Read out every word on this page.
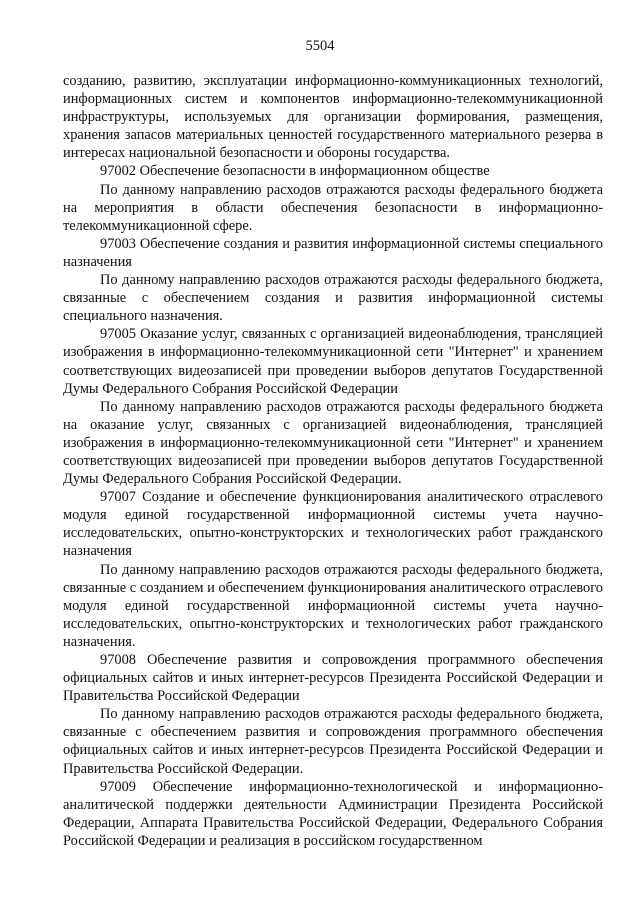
5504

созданию, развитию, эксплуатации информационно-коммуникационных технологий, информационных систем и компонентов информационно-телекоммуникационной инфраструктуры, используемых для организации формирования, размещения, хранения запасов материальных ценностей государственного материального резерва в интересах национальной безопасности и обороны государства.

97002 Обеспечение безопасности в информационном обществе

По данному направлению расходов отражаются расходы федерального бюджета на мероприятия в области обеспечения безопасности в информационно-телекоммуникационной сфере.

97003 Обеспечение создания и развития информационной системы специального назначения

По данному направлению расходов отражаются расходы федерального бюджета, связанные с обеспечением создания и развития информационной системы специального назначения.

97005 Оказание услуг, связанных с организацией видеонаблюдения, трансляцией изображения в информационно-телекоммуникационной сети "Интернет" и хранением соответствующих видеозаписей при проведении выборов депутатов Государственной Думы Федерального Собрания Российской Федерации

По данному направлению расходов отражаются расходы федерального бюджета на оказание услуг, связанных с организацией видеонаблюдения, трансляцией изображения в информационно-телекоммуникационной сети "Интернет" и хранением соответствующих видеозаписей при проведении выборов депутатов Государственной Думы Федерального Собрания Российской Федерации.

97007 Создание и обеспечение функционирования аналитического отраслевого модуля единой государственной информационной системы учета научно-исследовательских, опытно-конструкторских и технологических работ гражданского назначения

По данному направлению расходов отражаются расходы федерального бюджета, связанные с созданием и обеспечением функционирования аналитического отраслевого модуля единой государственной информационной системы учета научно-исследовательских, опытно-конструкторских и технологических работ гражданского назначения.

97008 Обеспечение развития и сопровождения программного обеспечения официальных сайтов и иных интернет-ресурсов Президента Российской Федерации и Правительства Российской Федерации

По данному направлению расходов отражаются расходы федерального бюджета, связанные с обеспечением развития и сопровождения программного обеспечения официальных сайтов и иных интернет-ресурсов Президента Российской Федерации и Правительства Российской Федерации.

97009 Обеспечение информационно-технологической и информационно-аналитической поддержки деятельности Администрации Президента Российской Федерации, Аппарата Правительства Российской Федерации, Федерального Собрания Российской Федерации и реализация в российском государственном
